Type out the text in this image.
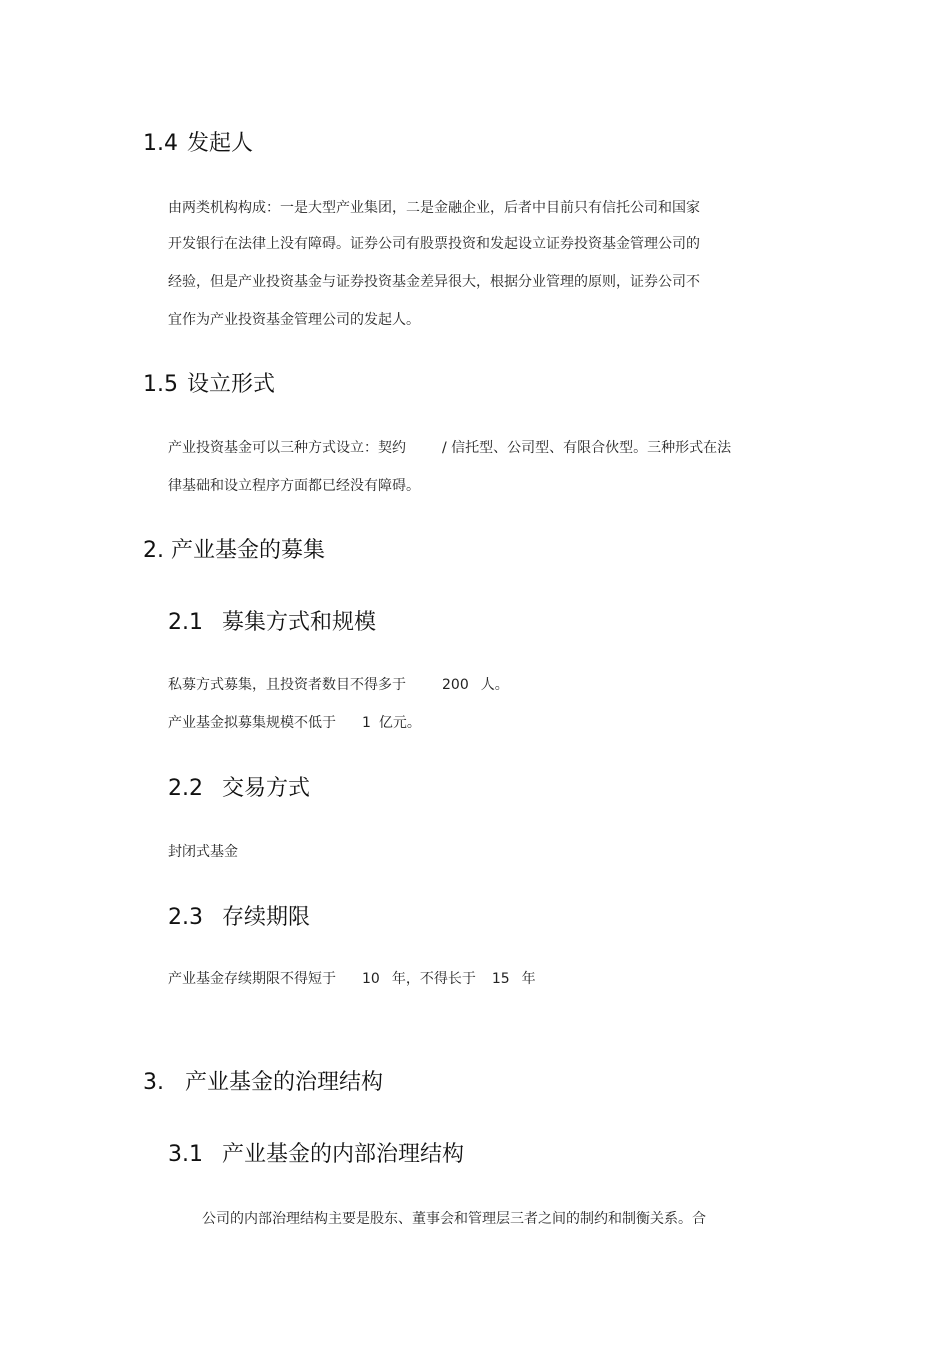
1.4 发起人
由两类机构构成：一是大型产业集团，二是金融企业，后者中目前只有信托公司和国家
开发银行在法律上没有障碍。证券公司有股票投资和发起设立证券投资基金管理公司的
经验，但是产业投资基金与证券投资基金差异很大，根据分业管理的原则，证券公司不
宜作为产业投资基金管理公司的发起人。
1.5 设立形式
产业投资基金可以三种方式设立：契约	/ 信托型、公司型、有限合伙型。三种形式在法
律基础和设立程序方面都已经没有障碍。
2. 产业基金的募集
2.1 募集方式和规模
私募方式募集，且投资者数目不得多于	200 人。
产业基金拟募集规模不低于 1 亿元。
2.2 交易方式
封闭式基金
2.3 存续期限
产业基金存续期限不得短于 10 年，不得长于 15 年
3. 产业基金的治理结构
3.1 产业基金的内部治理结构
公司的内部治理结构主要是股东、董事会和管理层三者之间的制约和制衡关系。合
